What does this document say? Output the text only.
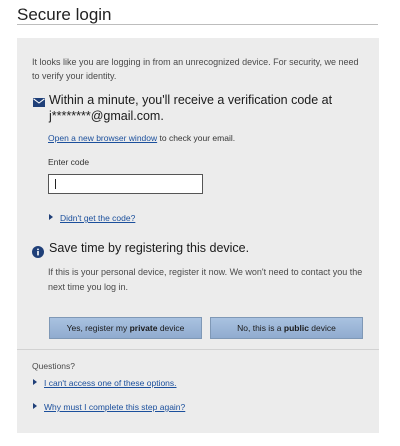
Secure login
It looks like you are logging in from an unrecognized device. For security, we need to verify your identity.
Within a minute, you'll receive a verification code at j********@gmail.com.
Open a new browser window to check your email.
Enter code
Didn't get the code?
Save time by registering this device.
If this is your personal device, register it now. We won't need to contact you the next time you log in.
Yes, register my private device	No, this is a public device
Questions?
I can't access one of these options.
Why must I complete this step again?
